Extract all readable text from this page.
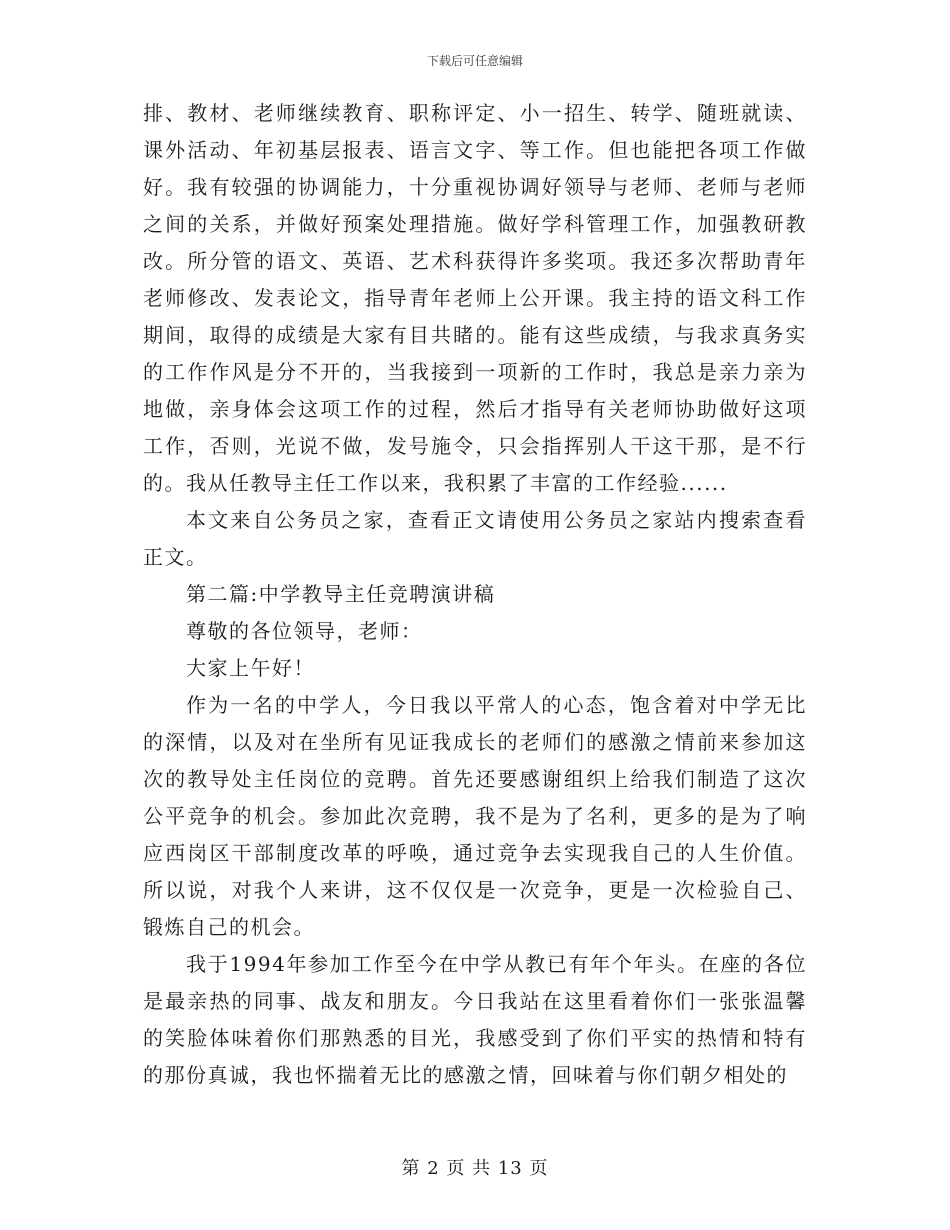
下载后可任意编辑

排、教材、老师继续教育、职称评定、小一招生、转学、随班就读、课外活动、年初基层报表、语言文字、等工作。但也能把各项工作做好。我有较强的协调能力，十分重视协调好领导与老师、老师与老师之间的关系，并做好预案处理措施。做好学科管理工作，加强教研教改。所分管的语文、英语、艺术科获得许多奖项。我还多次帮助青年老师修改、发表论文，指导青年老师上公开课。我主持的语文科工作期间，取得的成绩是大家有目共睹的。能有这些成绩，与我求真务实的工作作风是分不开的，当我接到一项新的工作时，我总是亲力亲为地做，亲身体会这项工作的过程，然后才指导有关老师协助做好这项工作，否则，光说不做，发号施令，只会指挥别人干这干那，是不行的。我从任教导主任工作以来，我积累了丰富的工作经验......

本文来自公务员之家，查看正文请使用公务员之家站内搜索查看正文。

第二篇:中学教导主任竞聘演讲稿

尊敬的各位领导，老师：

大家上午好！

作为一名的中学人，今日我以平常人的心态，饱含着对中学无比的深情，以及对在坐所有见证我成长的老师们的感激之情前来参加这次的教导处主任岗位的竞聘。首先还要感谢组织上给我们制造了这次公平竞争的机会。参加此次竞聘，我不是为了名利，更多的是为了响应西岗区干部制度改革的呼唤，通过竞争去实现我自己的人生价值。所以说，对我个人来讲，这不仅仅是一次竞争，更是一次检验自己、锻炼自己的机会。

我于1994年参加工作至今在中学从教已有年个年头。在座的各位是最亲热的同事、战友和朋友。今日我站在这里看着你们一张张温馨的笑脸体味着你们那熟悉的目光，我感受到了你们平实的热情和特有的那份真诚，我也怀揣着无比的感激之情，回味着与你们朝夕相处的

第 2 页 共 13 页
